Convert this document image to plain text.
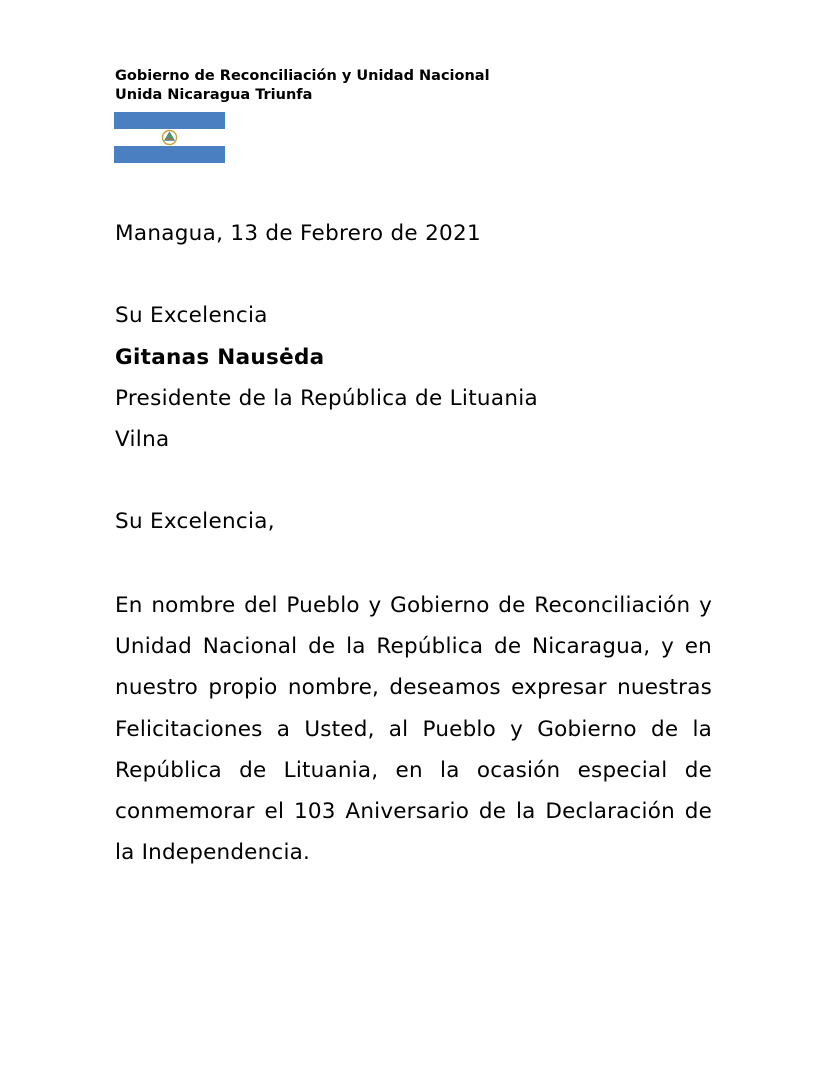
Gobierno de Reconciliación y Unidad Nacional
Unida Nicaragua Triunfa
Managua, 13 de Febrero de 2021
Su Excelencia
Gitanas Nausėda
Presidente de la República de Lituania
Vilna
Su Excelencia,
En nombre del Pueblo y Gobierno de Reconciliación y Unidad Nacional de la República de Nicaragua, y en nuestro propio nombre, deseamos expresar nuestras Felicitaciones a Usted, al Pueblo y Gobierno de la República de Lituania, en la ocasión especial de conmemorar el 103 Aniversario de la Declaración de la Independencia.
